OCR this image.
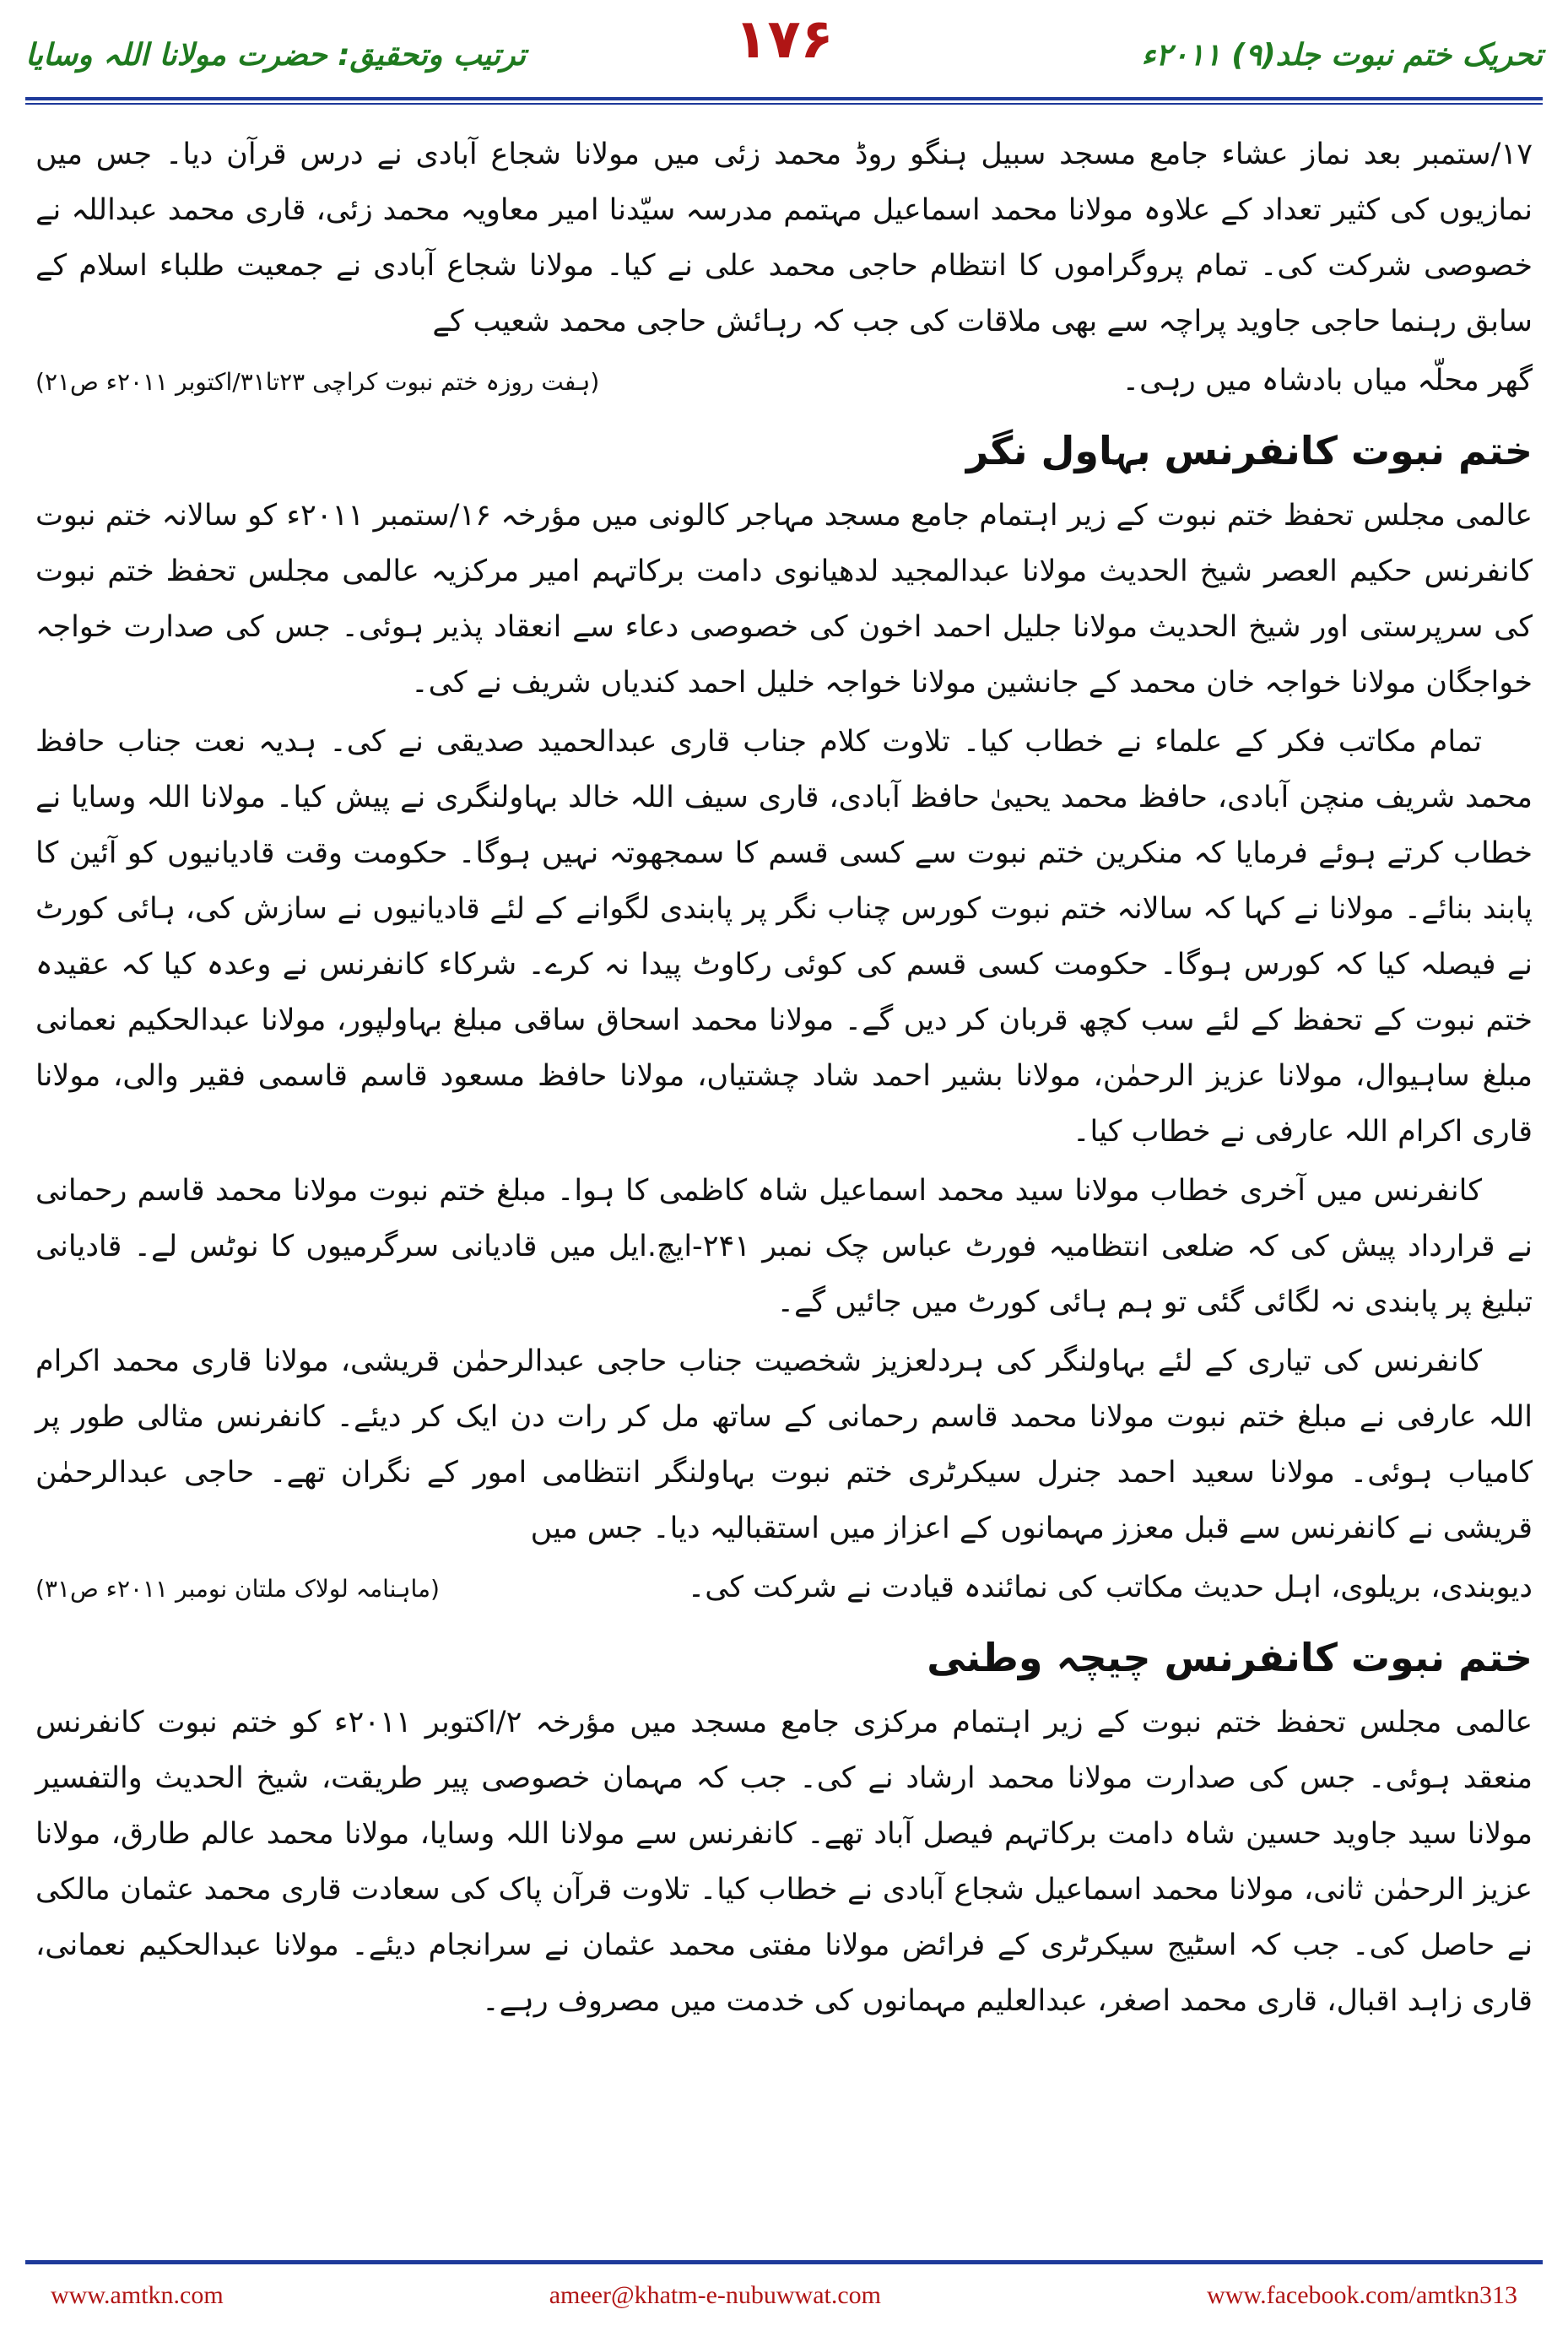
ترتیب وتحقیق: حضرت مولانا اللہ وسایا	۱۷۶	تحریک ختم نبوت جلد(۹) ۲۰۱۱ء

۱۷/ستمبر بعد نماز عشاء جامع مسجد سبیل ہنگو روڈ محمد زئی میں مولانا شجاع آبادی نے درس قرآن دیا۔ جس میں نمازیوں کی کثیر تعداد کے علاوہ مولانا محمد اسماعیل مہتمم مدرسہ سیّدنا امیر معاویہ محمد زئی، قاری محمد عبداللہ نے خصوصی شرکت کی۔ تمام پروگراموں کا انتظام حاجی محمد علی نے کیا۔ مولانا شجاع آبادی نے جمعیت طلباء اسلام کے سابق رہنما حاجی جاوید پراچہ سے بھی ملاقات کی جب کہ رہائش حاجی محمد شعیب کے

گھر محلّہ میاں بادشاہ میں رہی۔
(ہفت روزہ ختم نبوت کراچی ۲۳تا۳۱/اکتوبر ۲۰۱۱ء ص۲۱)
ختم نبوت کانفرنس بہاول نگر

عالمی مجلس تحفظ ختم نبوت کے زیر اہتمام جامع مسجد مہاجر کالونی میں مؤرخہ ۱۶/ستمبر ۲۰۱۱ء کو سالانہ ختم نبوت کانفرنس حکیم العصر شیخ الحدیث مولانا عبدالمجید لدھیانوی دامت برکاتہم امیر مرکزیہ عالمی مجلس تحفظ ختم نبوت کی سرپرستی اور شیخ الحدیث مولانا جلیل احمد اخون کی خصوصی دعاء سے انعقاد پذیر ہوئی۔ جس کی صدارت خواجہ خواجگان مولانا خواجہ خان محمد کے جانشین مولانا خواجہ خلیل احمد کندیاں شریف نے کی۔

تمام مکاتب فکر کے علماء نے خطاب کیا۔ تلاوت کلام جناب قاری عبدالحمید صدیقی نے کی۔ ہدیہ نعت جناب حافظ محمد شریف منچن آبادی، حافظ محمد یحییٰ حافظ آبادی، قاری سیف اللہ خالد بہاولنگری نے پیش کیا۔ مولانا اللہ وسایا نے خطاب کرتے ہوئے فرمایا کہ منکرین ختم نبوت سے کسی قسم کا سمجھوتہ نہیں ہوگا۔ حکومت وقت قادیانیوں کو آئین کا پابند بنائے۔ مولانا نے کہا کہ سالانہ ختم نبوت کورس چناب نگر پر پابندی لگوانے کے لئے قادیانیوں نے سازش کی، ہائی کورٹ نے فیصلہ کیا کہ کورس ہوگا۔ حکومت کسی قسم کی کوئی رکاوٹ پیدا نہ کرے۔ شرکاء کانفرنس نے وعدہ کیا کہ عقیدہ ختم نبوت کے تحفظ کے لئے سب کچھ قربان کر دیں گے۔ مولانا محمد اسحاق ساقی مبلغ بہاولپور، مولانا عبدالحکیم نعمانی مبلغ ساہیوال، مولانا عزیز الرحمٰن، مولانا بشیر احمد شاد چشتیاں، مولانا حافظ مسعود قاسم قاسمی فقیر والی، مولانا قاری اکرام اللہ عارفی نے خطاب کیا۔

کانفرنس میں آخری خطاب مولانا سید محمد اسماعیل شاہ کاظمی کا ہوا۔ مبلغ ختم نبوت مولانا محمد قاسم رحمانی نے قرارداد پیش کی کہ ضلعی انتظامیہ فورٹ عباس چک نمبر ۲۴۱-ایچ.ایل میں قادیانی سرگرمیوں کا نوٹس لے۔ قادیانی تبلیغ پر پابندی نہ لگائی گئی تو ہم ہائی کورٹ میں جائیں گے۔

کانفرنس کی تیاری کے لئے بہاولنگر کی ہردلعزیز شخصیت جناب حاجی عبدالرحمٰن قریشی، مولانا قاری محمد اکرام اللہ عارفی نے مبلغ ختم نبوت مولانا محمد قاسم رحمانی کے ساتھ مل کر رات دن ایک کر دیئے۔ کانفرنس مثالی طور پر کامیاب ہوئی۔ مولانا سعید احمد جنرل سیکرٹری ختم نبوت بہاولنگر انتظامی امور کے نگران تھے۔ حاجی عبدالرحمٰن قریشی نے کانفرنس سے قبل معزز مہمانوں کے اعزاز میں استقبالیہ دیا۔ جس میں

دیوبندی، بریلوی، اہل حدیث مکاتب کی نمائندہ قیادت نے شرکت کی۔
(ماہنامہ لولاک ملتان نومبر ۲۰۱۱ء ص۳۱)
ختم نبوت کانفرنس چیچہ وطنی

عالمی مجلس تحفظ ختم نبوت کے زیر اہتمام مرکزی جامع مسجد میں مؤرخہ ۲/اکتوبر ۲۰۱۱ء کو ختم نبوت کانفرنس منعقد ہوئی۔ جس کی صدارت مولانا محمد ارشاد نے کی۔ جب کہ مہمان خصوصی پیر طریقت، شیخ الحدیث والتفسیر مولانا سید جاوید حسین شاہ دامت برکاتہم فیصل آباد تھے۔ کانفرنس سے مولانا اللہ وسایا، مولانا محمد عالم طارق، مولانا عزیز الرحمٰن ثانی، مولانا محمد اسماعیل شجاع آبادی نے خطاب کیا۔ تلاوت قرآن پاک کی سعادت قاری محمد عثمان مالکی نے حاصل کی۔ جب کہ اسٹیج سیکرٹری کے فرائض مولانا مفتی محمد عثمان نے سرانجام دیئے۔ مولانا عبدالحکیم نعمانی، قاری زاہد اقبال، قاری محمد اصغر، عبدالعلیم مہمانوں کی خدمت میں مصروف رہے۔

www.amtkn.com	ameer@khatm-e-nubuwwat.com	www.facebook.com/amtkn313
